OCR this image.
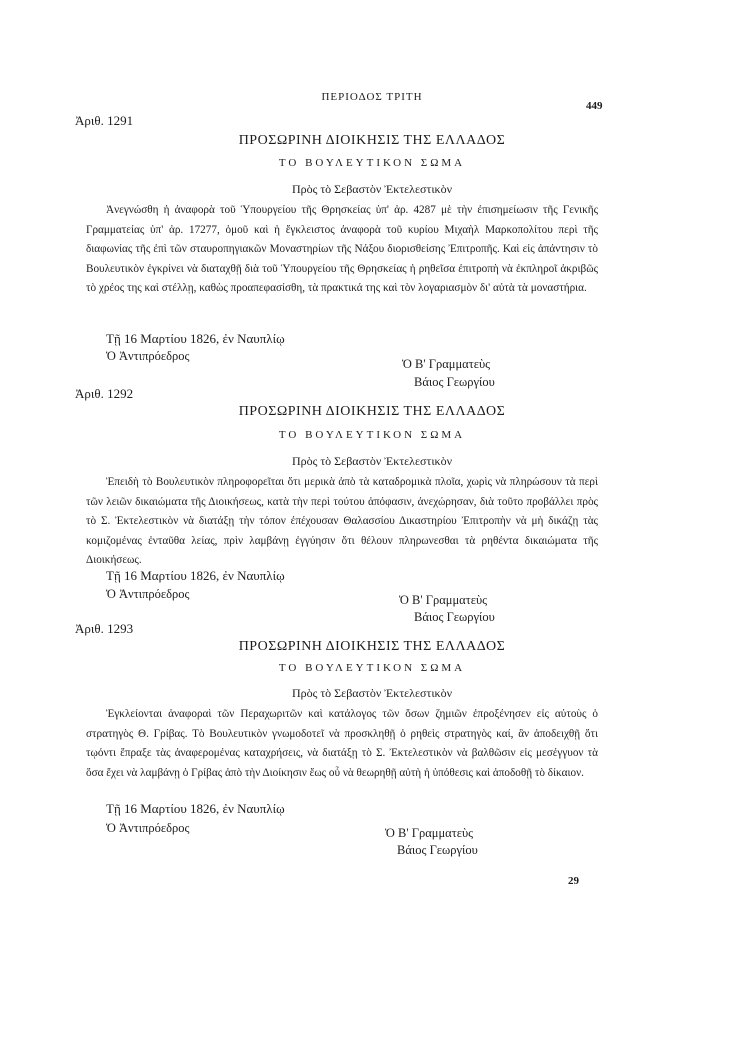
ΠΕΡΙΟΔΟΣ ΤΡΙΤΗ
449
Ἀριθ. 1291
ΠΡΟΣΩΡΙΝΗ ΔΙΟΙΚΗΣΙΣ ΤΗΣ ΕΛΛΑΔΟΣ
ΤΟ ΒΟΥΛΕΥΤΙΚΟΝ ΣΩΜΑ
Πρὸς τὸ Σεβαστὸν Ἐκτελεστικὸν

Ἀνεγνώσθη ἡ ἀναφορὰ τοῦ Ὑπουργείου τῆς Θρησκείας ὑπ' ἀρ. 4287 μὲ τὴν ἐπισημείωσιν τῆς Γενικῆς Γραμματείας ὑπ' ἀρ. 17277, ὁμοῦ καὶ ἡ ἔγκλειστος ἀναφορὰ τοῦ κυρίου Μιχαὴλ Μαρκοπολίτου περὶ τῆς διαφωνίας τῆς ἐπὶ τῶν σταυροπηγιακῶν Μοναστηρίων τῆς Νάξου διορισθείσης Ἐπιτροπῆς. Καὶ εἰς ἀπάντησιν τὸ Βουλευτικὸν ἐγκρίνει νὰ διαταχθῇ διὰ τοῦ Ὑπουργείου τῆς Θρησκείας ἡ ρηθεῖσα ἐπιτροπὴ νὰ ἐκπληροῖ ἀκριβῶς τὸ χρέος της καὶ στέλλῃ, καθὼς προαπεφασίσθη, τὰ πρακτικά της καὶ τὸν λογαριασμὸν δι' αὐτὰ τὰ μοναστήρια.

Τῇ 16 Μαρτίου 1826, ἐν Ναυπλίῳ
Ὁ Ἀντιπρόεδρος
Ὁ Β' Γραμματεὺς
Βάιος Γεωργίου
Ἀριθ. 1292
ΠΡΟΣΩΡΙΝΗ ΔΙΟΙΚΗΣΙΣ ΤΗΣ ΕΛΛΑΔΟΣ
ΤΟ ΒΟΥΛΕΥΤΙΚΟΝ ΣΩΜΑ
Πρὸς τὸ Σεβαστὸν Ἐκτελεστικὸν

Ἐπειδὴ τὸ Βουλευτικὸν πληροφορεῖται ὅτι μερικὰ ἀπὸ τὰ καταδρομικὰ πλοῖα, χωρὶς νὰ πληρώσουν τὰ περὶ τῶν λειῶν δικαιώματα τῆς Διοικήσεως, κατὰ τὴν περὶ τούτου ἀπόφασιν, ἀνεχώρησαν, διὰ τοῦτο προβάλλει πρὸς τὸ Σ. Ἐκτελεστικὸν νὰ διατάξῃ τὴν τόπον ἐπέχουσαν Θαλασσίου Δικαστηρίου Ἐπιτροπὴν νὰ μὴ δικάζῃ τὰς κομιζομένας ἐνταῦθα λείας, πρὶν λαμβάνῃ ἐγγύησιν ὅτι θέλουν πληρωνεσθαι τὰ ρηθέντα δικαιώματα τῆς Διοικήσεως.

Τῇ 16 Μαρτίου 1826, ἐν Ναυπλίῳ
Ὁ Ἀντιπρόεδρος	Ὁ Β' Γραμματεὺς
Βάιος Γεωργίου
Ἀριθ. 1293
ΠΡΟΣΩΡΙΝΗ ΔΙΟΙΚΗΣΙΣ ΤΗΣ ΕΛΛΑΔΟΣ
ΤΟ ΒΟΥΛΕΥΤΙΚΟΝ ΣΩΜΑ
Πρὸς τὸ Σεβαστὸν Ἐκτελεστικὸν

Ἐγκλείονται ἀναφοραὶ τῶν Περαχωριτῶν καὶ κατάλογος τῶν ὅσων ζημιῶν ἐπροξένησεν εἰς αὐτοὺς ὁ στρατηγὸς Θ. Γρίβας. Τὸ Βουλευτικὸν γνωμοδοτεῖ νὰ προσκληθῇ ὁ ρηθεὶς στρατηγὸς καί, ἂν ἀποδειχθῇ ὅτι τῳόντι ἔπραξε τὰς ἀναφερομένας καταχρήσεις, νὰ διατάξῃ τὸ Σ. Ἐκτελεστικὸν νὰ βαλθῶσιν εἰς μεσέγγυον τὰ ὅσα ἔχει νὰ λαμβάνῃ ὁ Γρίβας ἀπὸ τὴν Διοίκησιν ἕως οὗ νὰ θεωρηθῇ αὐτὴ ἡ ὑπόθεσις καὶ ἀποδοθῇ τὸ δίκαιον.

Τῇ 16 Μαρτίου 1826, ἐν Ναυπλίῳ
Ὁ Ἀντιπρόεδρος	Ὁ Β' Γραμματεὺς
Βάιος Γεωργίου
29
